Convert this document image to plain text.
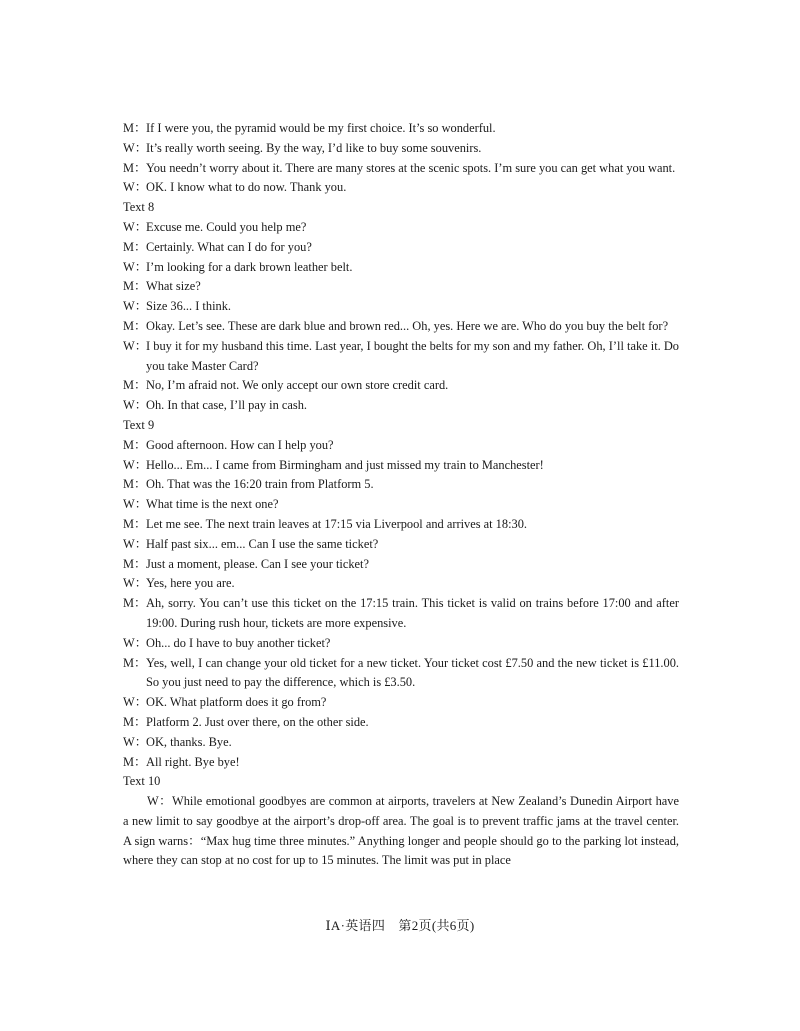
M： If I were you, the pyramid would be my first choice. It’s so wonderful.
W：
It’s really worth seeing. By the way, I’d like to buy some souvenirs.
M： You needn’t worry about it. There are many stores at the scenic spots. I’m sure you can get what you want.
W：
OK. I know what to do now. Thank you.
Text 8
W：
Excuse me. Could you help me?
M： Certainly. What can I do for you?
W：
I’m looking for a dark brown leather belt.
M： What size?
W：
Size 36... I think.
M： Okay. Let’s see. These are dark blue and brown red... Oh, yes. Here we are. Who do you buy the belt for?
W：
I buy it for my husband this time. Last year, I bought the belts for my son and my father. Oh, I’ll take it. Do you take Master Card?
M： No, I’m afraid not. We only accept our own store credit card.
W：
Oh. In that case, I’ll pay in cash.
Text 9
M： Good afternoon. How can I help you?
W：
Hello... Em... I came from Birmingham and just missed my train to Manchester!
M： Oh. That was the 16:20 train from Platform 5.
W：
What time is the next one?
M： Let me see. The next train leaves at 17:15 via Liverpool and arrives at 18:30.
W：
Half past six... em... Can I use the same ticket?
M： Just a moment, please. Can I see your ticket?
W：
Yes, here you are.
M： Ah, sorry. You can’t use this ticket on the 17:15 train. This ticket is valid on trains before 17:00 and after 19:00. During rush hour, tickets are more expensive.
W：
Oh... do I have to buy another ticket?
M： Yes, well, I can change your old ticket for a new ticket. Your ticket cost £7.50 and the new ticket is £11.00. So you just need to pay the difference, which is £3.50.
W：
OK. What platform does it go from?
M： Platform 2. Just over there, on the other side.
W：
OK, thanks. Bye.
M： All right. Bye bye!
Text 10
W：While emotional goodbyes are common at airports, travelers at New Zealand’s Dunedin Airport have a new limit to say goodbye at the airport’s drop-off area. The goal is to prevent traffic jams at the travel center. A sign warns：“Max hug time three minutes.” Anything longer and people should go to the parking lot instead, where they can stop at no cost for up to 15 minutes. The limit was put in place
ⅠA·英语四　第2页(共6页)
